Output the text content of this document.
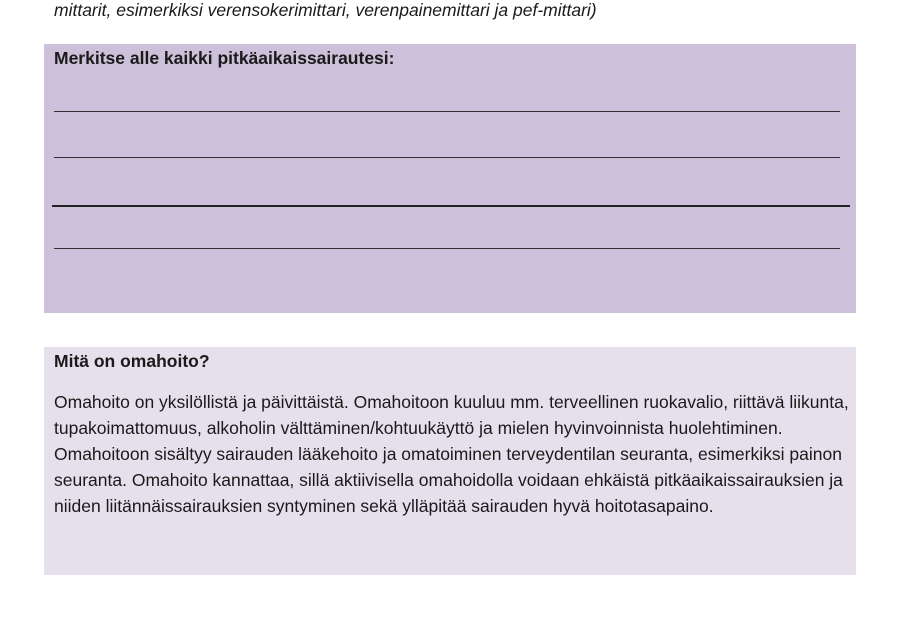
mittarit, esimerkiksi verensokerimittari, verenpainemittari ja pef-mittari)
Merkitse alle kaikki pitkäaikaissairautesi:
Mitä on omahoito?

Omahoito on yksilöllistä ja päivittäistä. Omahoitoon kuuluu mm. terveellinen ruokavalio, riittävä liikunta, tupakoimattomuus, alkoholin välttäminen/kohtuukäyttö ja mielen hyvinvoinnista huolehtiminen. Omahoitoon sisältyy sairauden lääkehoito ja omatoiminen terveydentilan seuranta, esimerkiksi painon seuranta. Omahoito kannattaa, sillä aktiivisella omahoidolla voidaan ehkäistä pitkäaikaissairauksien ja niiden liitännäissairauksien syntyminen sekä ylläpitää sairauden hyvä hoitotasapaino.
